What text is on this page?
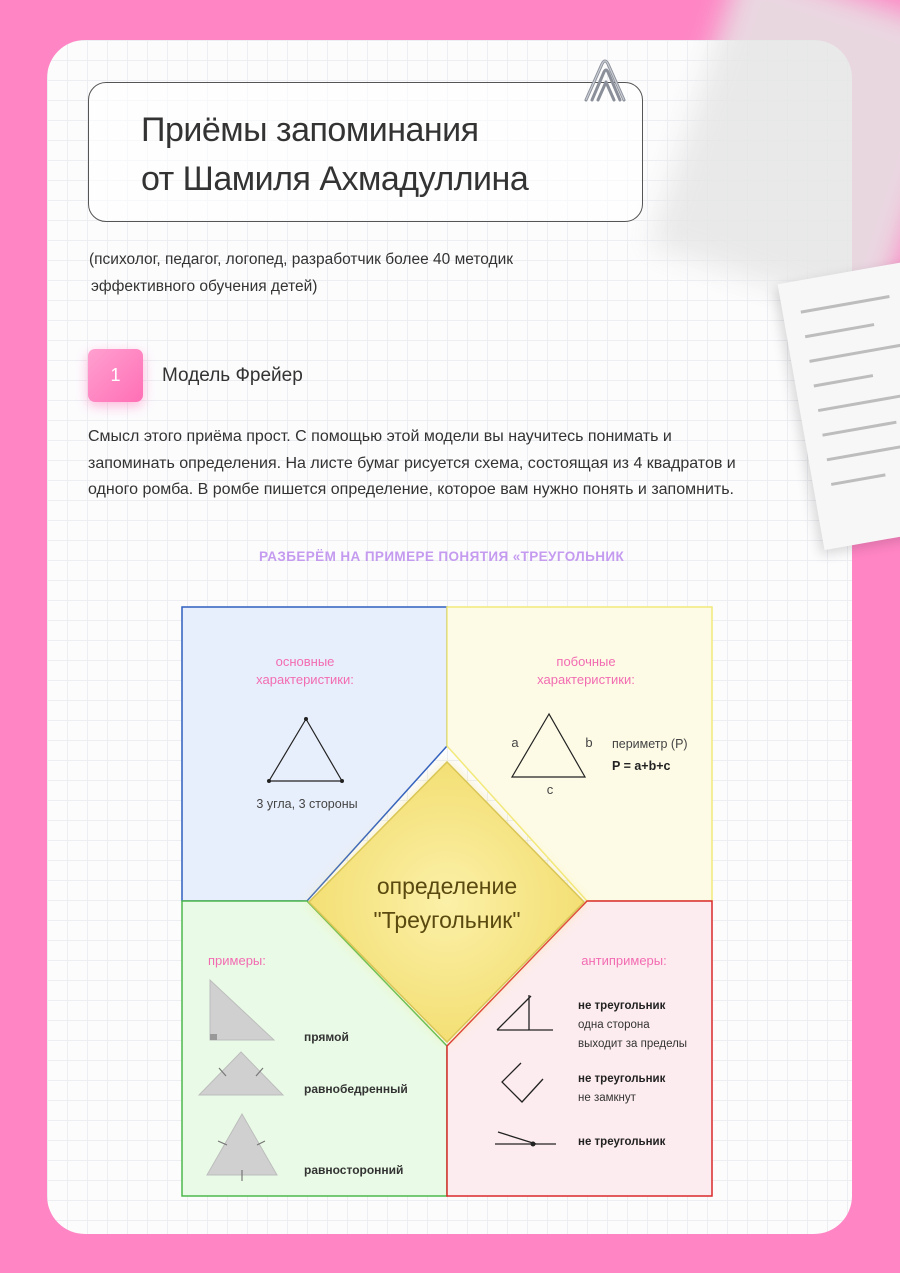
Приёмы запоминания
от Шамиля Ахмадуллина
(психолог, педагог, логопед, разработчик более 40 методик
эффективного обучения детей)
1	Модель Фрейер
Смысл этого приёма прост. С помощью этой модели вы научитесь понимать и
запоминать определения. На листе бумаг рисуется схема, состоящая из 4 квадратов и
одного ромба. В ромбе пишется определение, которое вам нужно понять и запомнить.
РАЗБЕРЁМ НА ПРИМЕРЕ ПОНЯТИЯ «ТРЕУГОЛЬНИК
определение
"Треугольник"
основные
характеристики:
3 угла, 3 стороны
побочные
характеристики:
a	b
c
периметр (P)
P = a+b+c
примеры:
прямой
равнобедренный
равносторонний
антипримеры:
не треугольник
одна сторона
выходит за пределы
не треугольник
не замкнут
не треугольник
